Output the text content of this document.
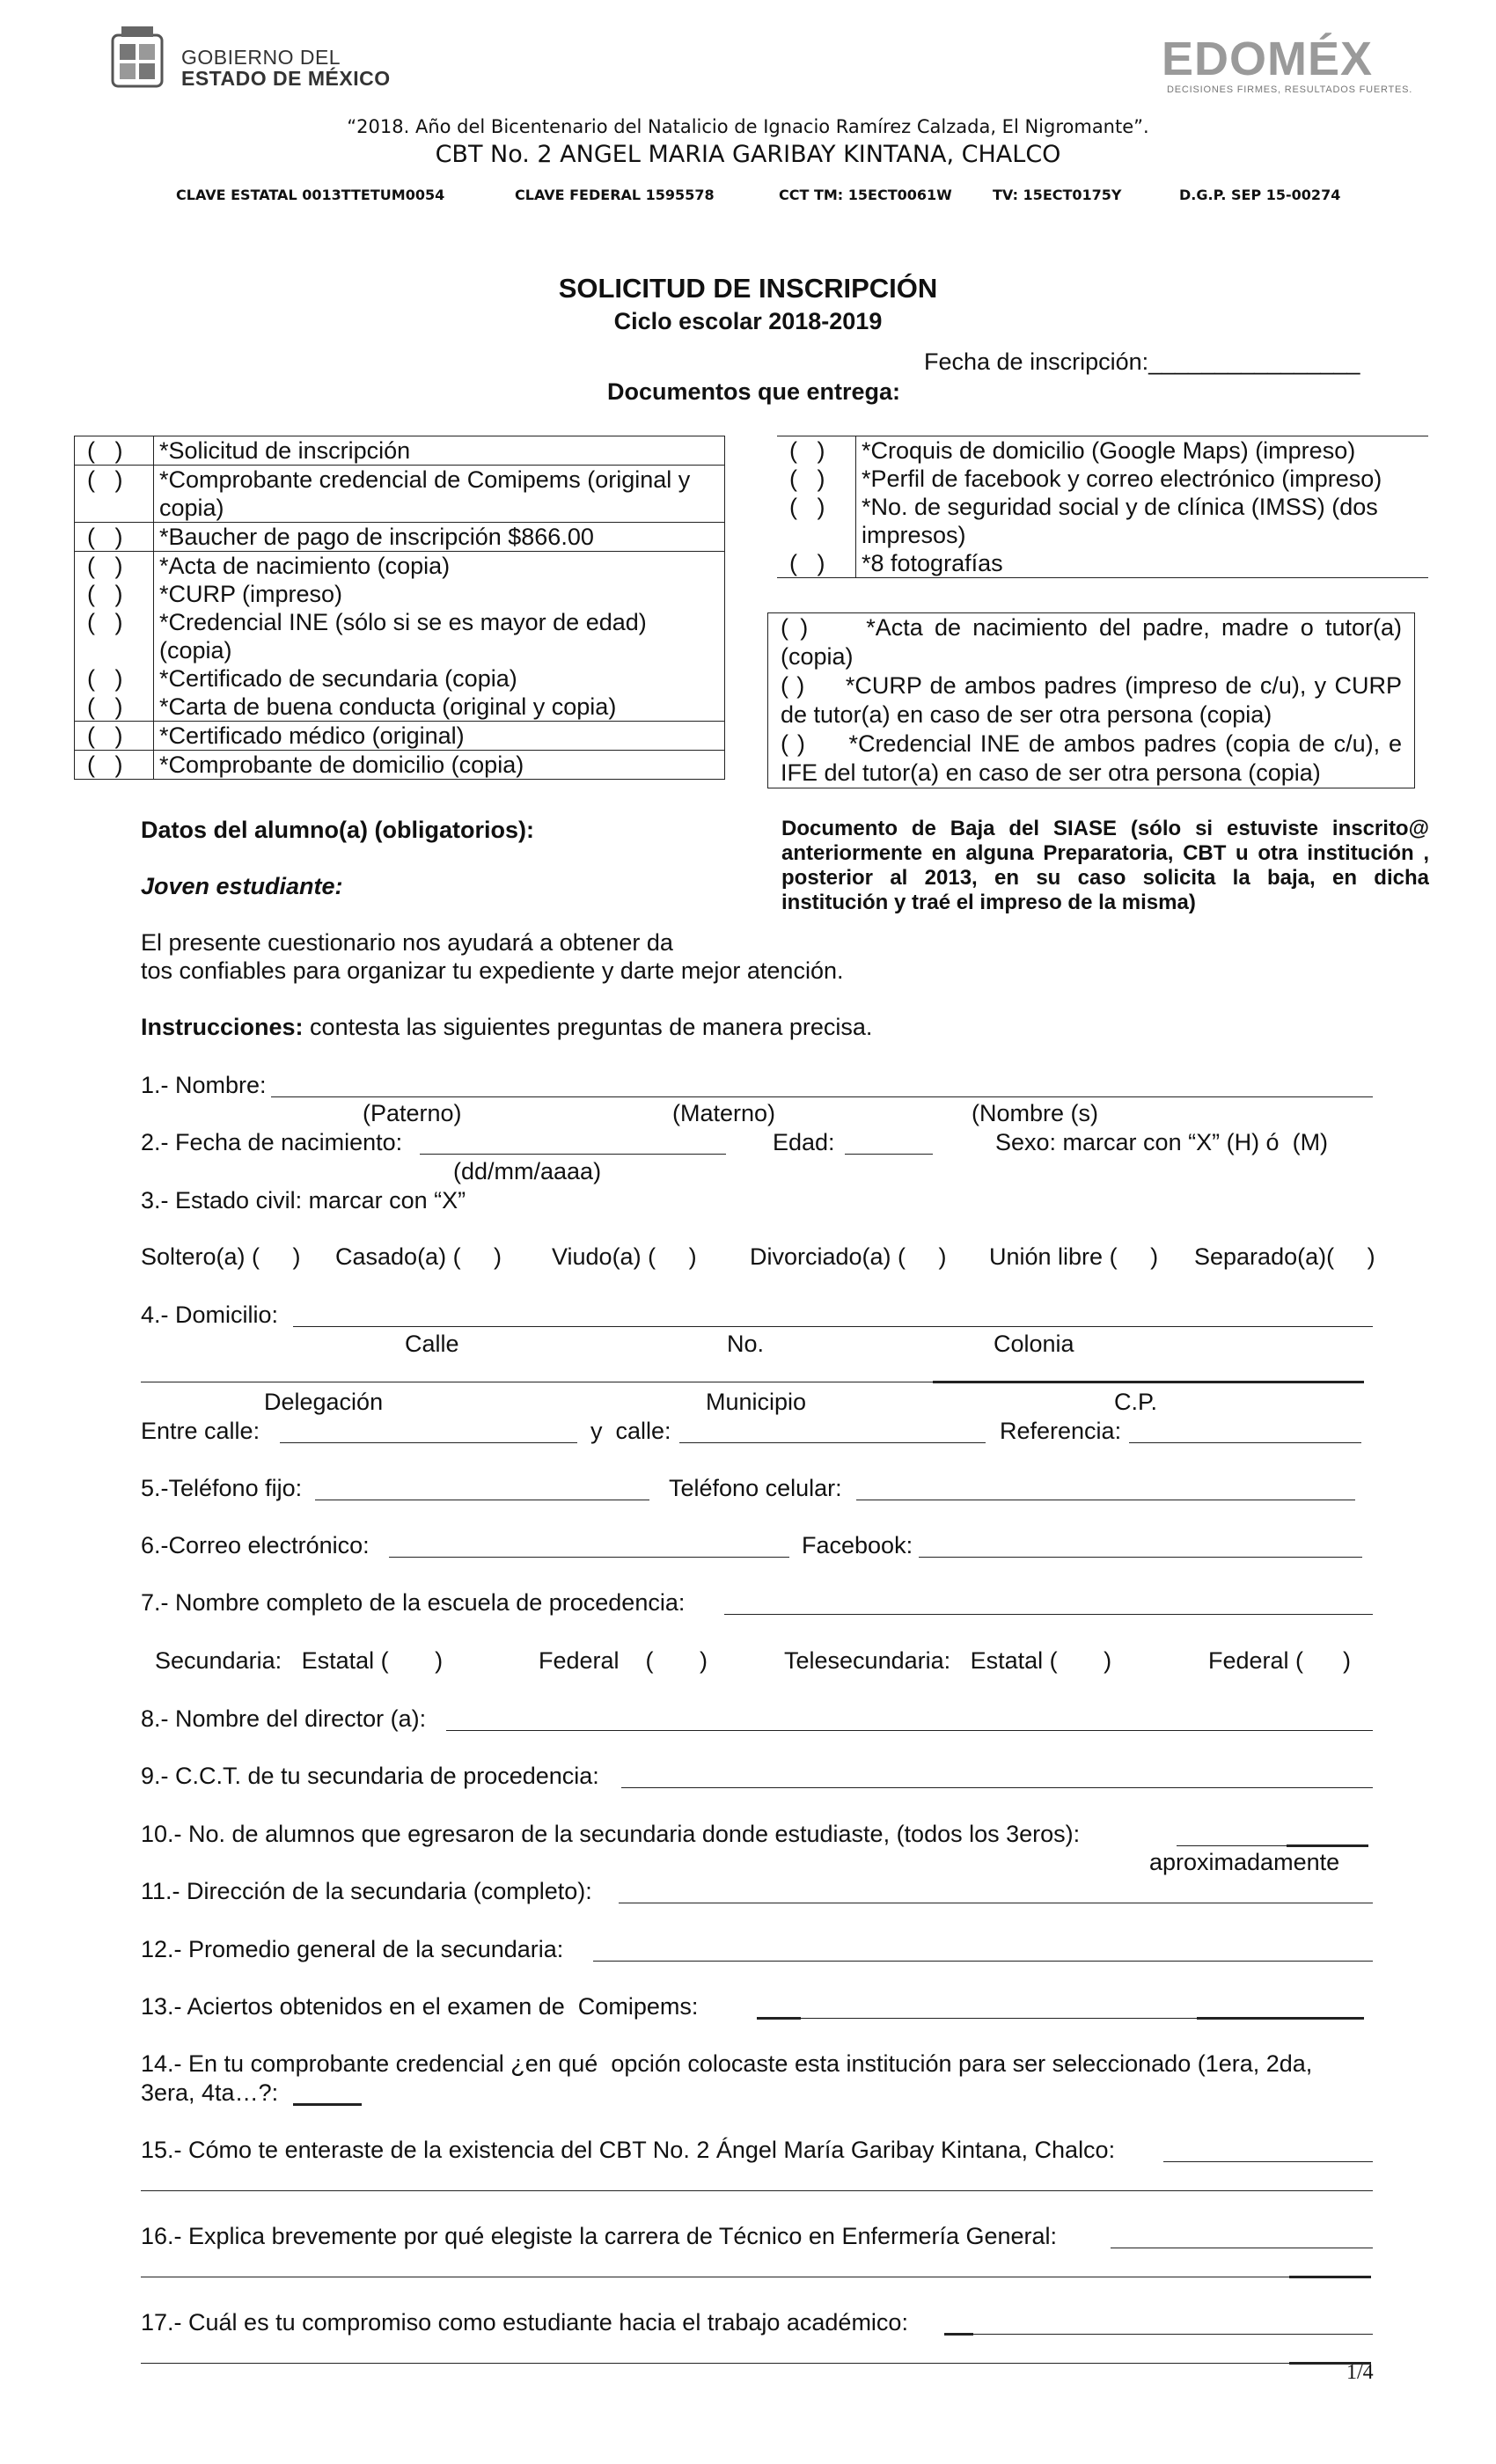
GOBIERNO DEL
ESTADO DE MÉXICO	EDOMÉX
DECISIONES FIRMES, RESULTADOS FUERTES.
“2018. Año del Bicentenario del Natalicio de Ignacio Ramírez Calzada, El Nigromante”.
CBT No. 2 ANGEL MARIA GARIBAY KINTANA, CHALCO
CLAVE ESTATAL 0013TTETUM0054	CLAVE FEDERAL 1595578	CCT TM: 15ECT0061W	TV: 15ECT0175Y	D.G.P. SEP 15-00274
SOLICITUD DE INSCRIPCIÓN
Ciclo escolar 2018-2019
Fecha de inscripción:________________
Documentos que entrega:
(   )	*Solicitud de inscripción
(   )	*Comprobante credencial de Comipems (original y copia)
(   )	*Baucher de pago de inscripción $866.00
(   )	*Acta de nacimiento (copia)
(   )	*CURP (impreso)
(   )	*Credencial INE (sólo si se es mayor de edad) (copia)
(   )	*Certificado de secundaria (copia)
(   )	*Carta de buena conducta (original y copia)
(   )	*Certificado médico (original)
(   )	*Comprobante de domicilio (copia)
(   )	*Croquis de domicilio (Google Maps) (impreso)
(   )	*Perfil de facebook y correo electrónico (impreso)
(   )	*No. de seguridad social y de clínica (IMSS) (dos impresos)
(   )	*8 fotografías
( ) *Acta de nacimiento del padre, madre o tutor(a) (copia)
( ) *CURP de ambos padres (impreso de c/u), y CURP de tutor(a) en caso de ser otra persona (copia)
( ) *Credencial INE de ambos padres (copia de c/u), e IFE del tutor(a) en caso de ser otra persona (copia)
Documento de Baja del SIASE (sólo si estuviste inscrito@ anteriormente en alguna Preparatoria, CBT u otra institución , posterior al 2013, en su caso solicita la baja, en dicha institución y traé el impreso de la misma)
Datos del alumno(a) (obligatorios):
Joven estudiante:
El presente cuestionario nos ayudará a obtener da
tos confiables para organizar tu expediente y darte mejor atención.
Instrucciones: contesta las siguientes preguntas de manera precisa.
1.- Nombre:
(Paterno)	(Materno)	(Nombre (s)
2.- Fecha de nacimiento:	Edad:	Sexo: marcar con “X” (H) ó  (M)
(dd/mm/aaaa)
3.- Estado civil: marcar con “X”
Soltero(a) (     ) Casado(a) (     ) Viudo(a) (     ) Divorciado(a) (     ) Unión libre (     ) Separado(a)(     )
4.- Domicilio:
Calle	No.	Colonia
Delegación	Municipio	C.P.
Entre calle:	y  calle:	Referencia:
5.-Teléfono fijo:	Teléfono celular:
6.-Correo electrónico:	Facebook:
7.- Nombre completo de la escuela de procedencia:
Secundaria:   Estatal (       )	Federal    (       )	Telesecundaria:   Estatal (       )	Federal (      )
8.- Nombre del director (a):
9.- C.C.T. de tu secundaria de procedencia:
10.- No. de alumnos que egresaron de la secundaria donde estudiaste, (todos los 3eros):
aproximadamente
11.- Dirección de la secundaria (completo):
12.- Promedio general de la secundaria:
13.- Aciertos obtenidos en el examen de  Comipems:
14.- En tu comprobante credencial ¿en qué  opción colocaste esta institución para ser seleccionado (1era, 2da,
3era, 4ta…?:
15.- Cómo te enteraste de la existencia del CBT No. 2 Ángel María Garibay Kintana, Chalco:
16.- Explica brevemente por qué elegiste la carrera de Técnico en Enfermería General:
17.- Cuál es tu compromiso como estudiante hacia el trabajo académico:
1/4
